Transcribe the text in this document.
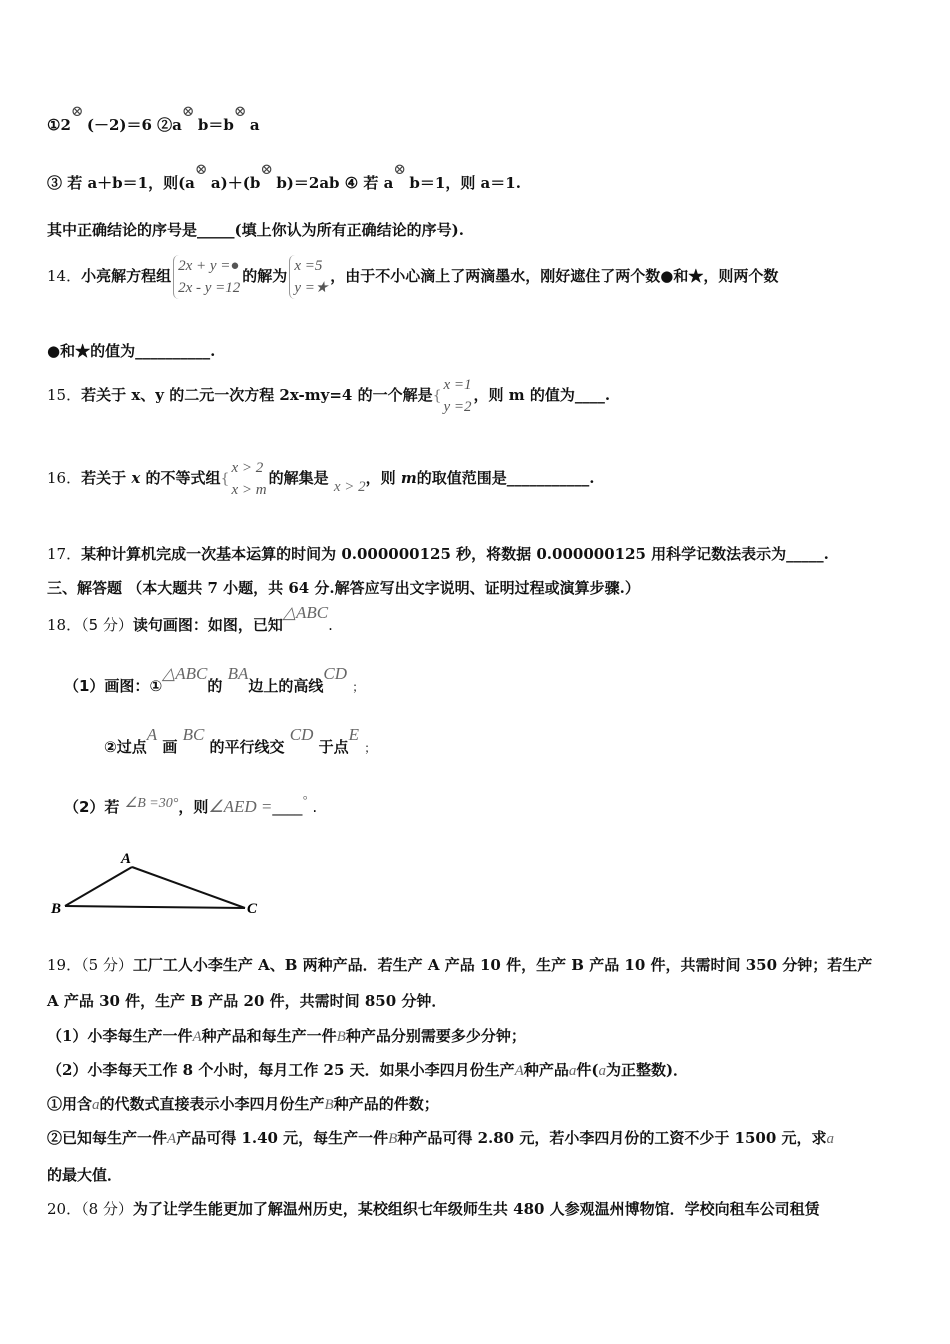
①2
⊗
(－2)＝6 ②a
⊗
b＝b
⊗
a
③ 若 a＋b＝1，则(a
⊗
a)＋(b
⊗
b)＝2ab ④ 若 a
⊗
b＝1，则 a＝1.
其中正确结论的序号是_____(填上你认为所有正确结论的序号).
14．小亮解方程组
2x + y =●
2x - y =12
的解为
x =5
y =★
，由于不小心滴上了两滴墨水，刚好遮住了两个数●和★，则两个数
●和★的值为__________.
15．若关于 x、y 的二元一次方程 2x-my=4 的一个解是{
x =1
y =2
，则 m 的值为____.
16．若关于 x 的不等式组{
x > 2
x > m
的解集是 x > 2，则 m的取值范围是___________.
17．某种计算机完成一次基本运算的时间为 0.000000125 秒，将数据 0.000000125 用科学记数法表示为_____.
三、解答题 （本大题共 7 小题，共 64 分.解答应写出文字说明、证明过程或演算步骤.）
18．（5 分）读句画图：如图，已知△ABC.
（1）画图：①△ABC的 BA边上的高线CD ；
②过点A 画 BC 的平行线交 CD 于点E ；
（2）若 ∠B =30°，则∠AED =____° .
A
B	C
19．（5 分）工厂工人小李生产 A、B 两种产品．若生产 A 产品 10 件，生产 B 产品 10 件，共需时间 350 分钟；若生产
A 产品 30 件，生产 B 产品 20 件，共需时间 850 分钟．
（1）小李每生产一件A种产品和每生产一件B种产品分别需要多少分钟；
（2）小李每天工作 8 个小时，每月工作 25 天．如果小李四月份生产A种产品a件(a为正整数)．
①用含a的代数式直接表示小李四月份生产B种产品的件数；
②已知每生产一件A产品可得 1.40 元，每生产一件B种产品可得 2.80 元，若小李四月份的工资不少于 1500 元，求a
的最大值．
20．（8 分）为了让学生能更加了解温州历史，某校组织七年级师生共 480 人参观温州博物馆．学校向租车公司租赁
